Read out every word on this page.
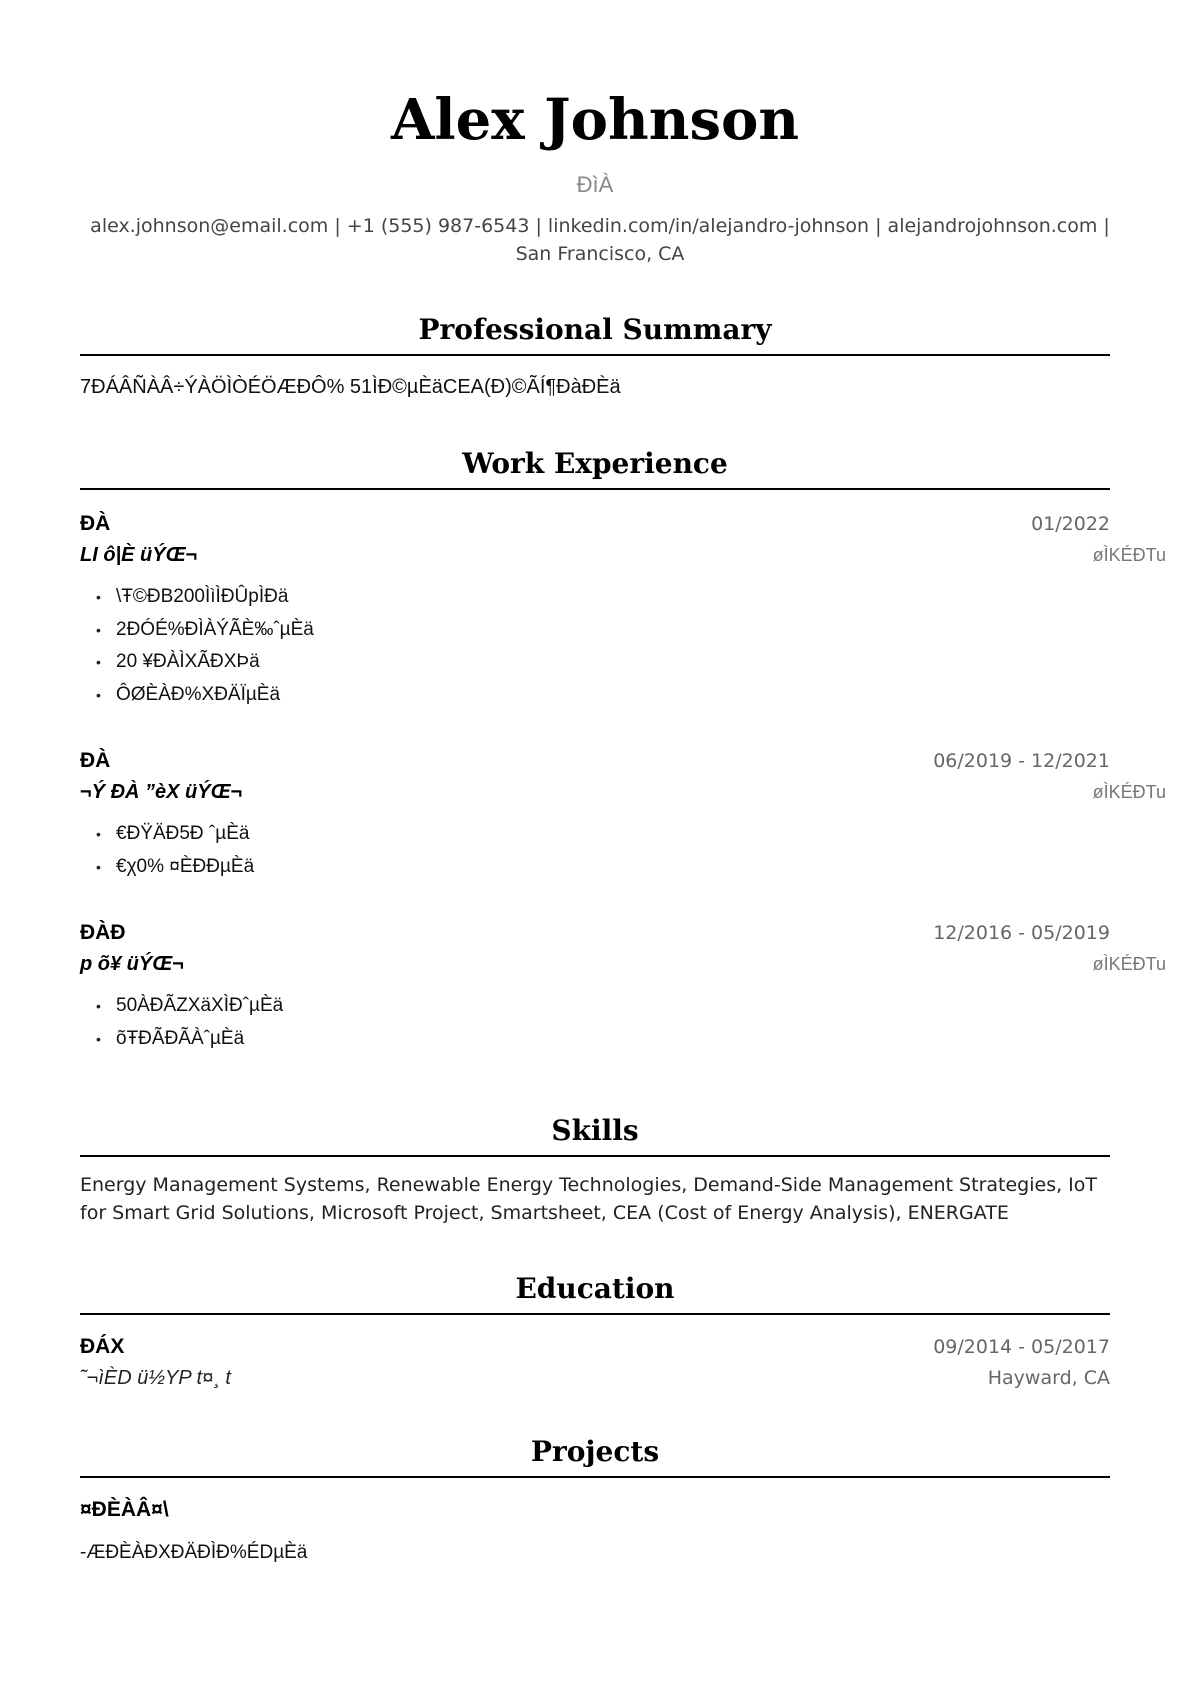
Alex Johnson
ÐìÀ
alex.johnson@email.com | +1 (555) 987-6543 | linkedin.com/in/alejandro-johnson | alejandrojohnson.com |
San Francisco, CA
Professional Summary
7ÐÁÂÑÀÂ÷ÝÀÖÌÒÉÖÆÐÔ% 51ÌÐ©µÈäCEA(Ð)©ÃÍ¶ÐàÐÈä
Work Experience
ÐÀ	01/2022
LI ô|È üÝŒ¬	øÌKÉÐTu
• \Ŧ©ÐB200ÌìÌÐÛpÌÐä
• 2ÐÓÉ%ÐÌÀÝÃÈ‰ˆµÈä
• 20 ¥ÐÀÌXÃÐXÞä
• ÔØÈÀÐ%XÐÄÏµÈä
ÐÀ	06/2019 - 12/2021
¬Ý ÐÀ ”èX üÝŒ¬	øÌKÉÐTu
• €ÐŸÄÐ5Ð ˆµÈä
• €χ0% ¤ÈÐÐµÈä
ÐÀÐ	12/2016 - 05/2019
p õ¥ üÝŒ¬	øÌKÉÐTu
• 50ÀÐÃZXäXÌÐˆµÈä
• õŦÐÃÐÃÀˆµÈä
Skills
Energy Management Systems, Renewable Energy Technologies, Demand-Side Management Strategies, IoT for Smart Grid Solutions, Microsoft Project, Smartsheet, CEA (Cost of Energy Analysis), ENERGATE
Education
ÐÁX	09/2014 - 05/2017
˜¬ìÈD ü½YP t¤¸ t	Hayward, CA
Projects
¤ÐÈÀÂ¤\
-ÆÐÈÀÐXÐÄÐÌÐ%ÉDµÈä
